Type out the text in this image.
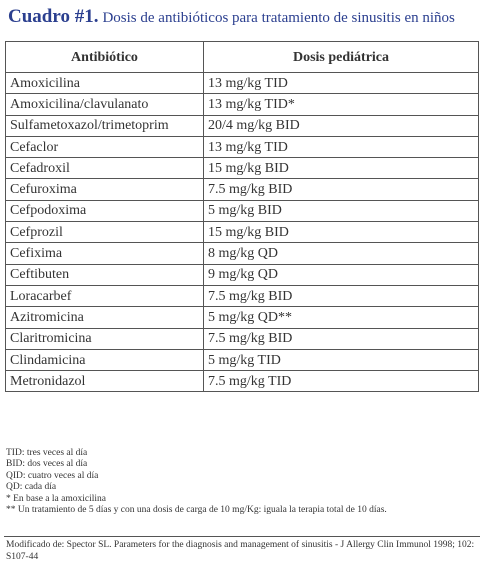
Cuadro #1. Dosis de antibióticos para tratamiento de sinusitis en niños
Antibiótico	Dosis pediátrica
Amoxicilina	13 mg/kg TID
Amoxicilina/clavulanato	13 mg/kg TID*
Sulfametoxazol/trimetoprim	20/4 mg/kg BID
Cefaclor	13 mg/kg TID
Cefadroxil	15 mg/kg BID
Cefuroxima	7.5 mg/kg BID
Cefpodoxima	5 mg/kg BID
Cefprozil	15 mg/kg BID
Cefixima	8 mg/kg QD
Ceftibuten	9 mg/kg QD
Loracarbef	7.5 mg/kg BID
Azitromicina	5 mg/kg QD**
Claritromicina	7.5 mg/kg BID
Clindamicina	5 mg/kg TID
Metronidazol	7.5 mg/kg TID
TID: tres veces al día
BID: dos veces al día
QID: cuatro veces al día
QD: cada día
* En base a la amoxicilina
** Un tratamiento de 5 días y con una dosis de carga de 10 mg/Kg: iguala la terapia total de 10 días.
Modificado de: Spector SL. Parameters for the diagnosis and management of sinusitis - J Allergy Clin Immunol 1998; 102: S107-44
